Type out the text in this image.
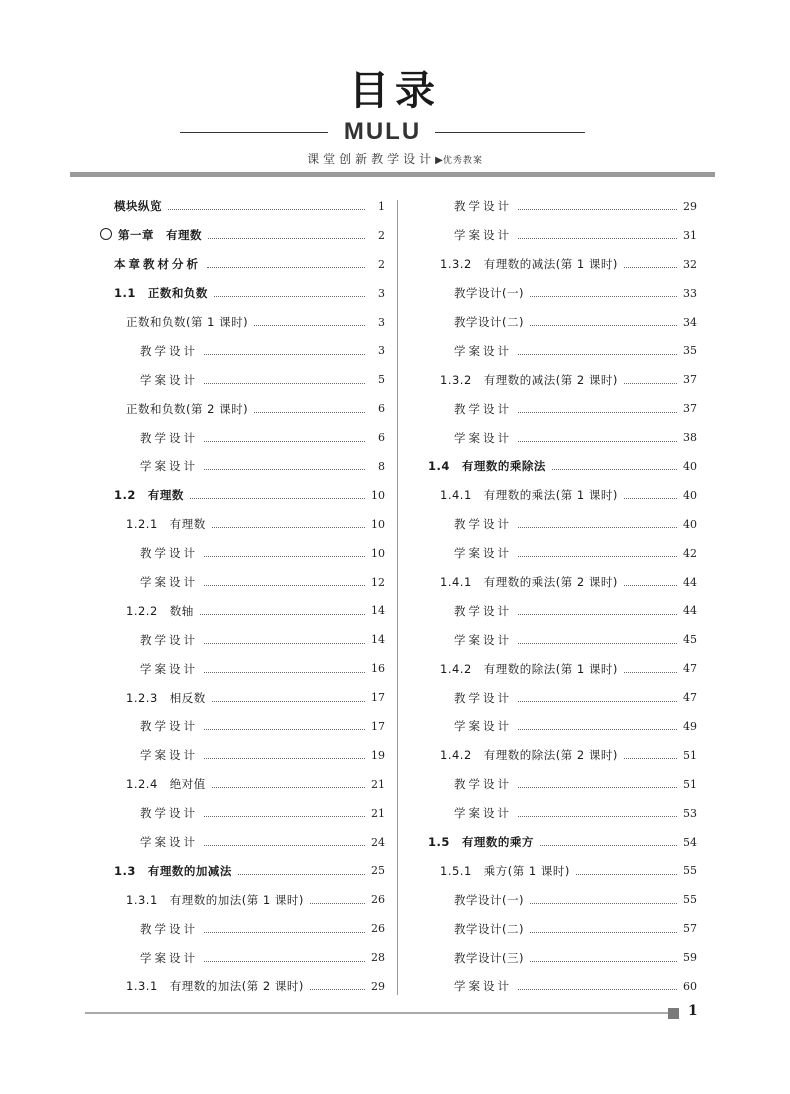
目录
MULU
课堂创新教学设计▶优秀教案
模块纵览	1
第一章　有理数	2
本章教材分析	2
1.1　正数和负数	3
正数和负数(第 1 课时)	3
教学设计	3
学案设计	5
正数和负数(第 2 课时)	6
教学设计	6
学案设计	8
1.2　有理数	10
1.2.1　有理数	10
教学设计	10
学案设计	12
1.2.2　数轴	14
教学设计	14
学案设计	16
1.2.3　相反数	17
教学设计	17
学案设计	19
1.2.4　绝对值	21
教学设计	21
学案设计	24
1.3　有理数的加减法	25
1.3.1　有理数的加法(第 1 课时)	26
教学设计	26
学案设计	28
1.3.1　有理数的加法(第 2 课时)	29
教学设计	29
学案设计	31
1.3.2　有理数的减法(第 1 课时)	32
教学设计(一)	33
教学设计(二)	34
学案设计	35
1.3.2　有理数的减法(第 2 课时)	37
教学设计	37
学案设计	38
1.4　有理数的乘除法	40
1.4.1　有理数的乘法(第 1 课时)	40
教学设计	40
学案设计	42
1.4.1　有理数的乘法(第 2 课时)	44
教学设计	44
学案设计	45
1.4.2　有理数的除法(第 1 课时)	47
教学设计	47
学案设计	49
1.4.2　有理数的除法(第 2 课时)	51
教学设计	51
学案设计	53
1.5　有理数的乘方	54
1.5.1　乘方(第 1 课时)	55
教学设计(一)	55
教学设计(二)	57
教学设计(三)	59
学案设计	60
1
